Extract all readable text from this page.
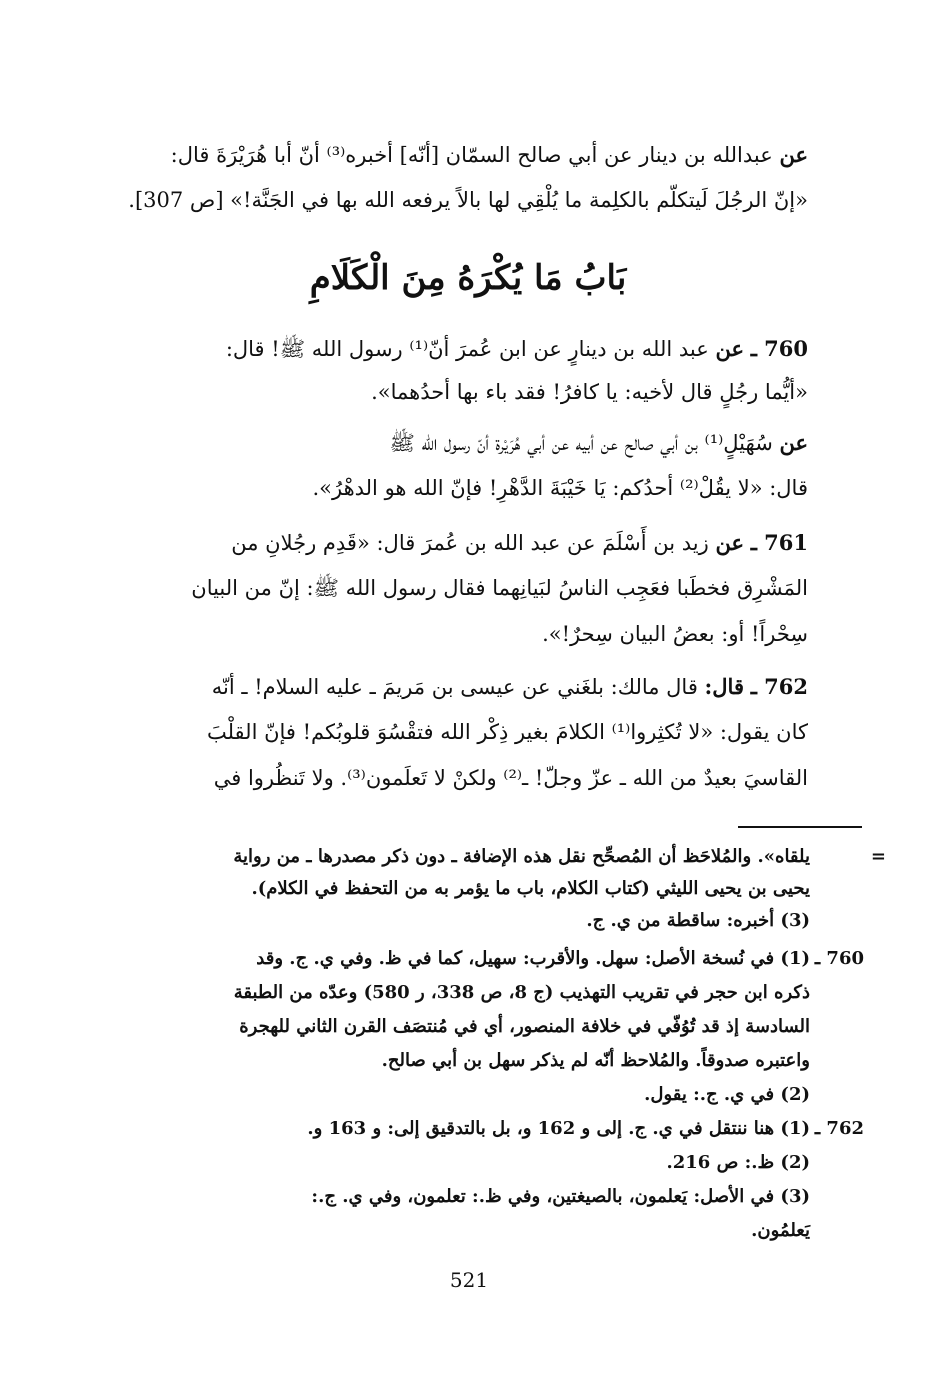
عن عبدالله بن دينار عن أبي صالح السمّان [أنّه] أخبره⁽³⁾ أنّ أبا هُرَيْرَةَ قال:
«إنّ الرجُلَ لَيتكلّم بالكلِمة ما يُلْقِي لها بالاً يرفعه الله بها في الجَنَّة!» [ص 307].
بَابُ مَا يُكْرَهُ مِنَ الْكَلَامِ
760 ـ عن عبد الله بن دينارٍ عن ابن عُمرَ أنّ⁽¹⁾ رسول الله ﷺ! قال:
«أيُّما رجُلٍ قال لأخيه: يا كافرُ! فقد باء بها أحدُهما».
عن سُهَيْلٍ⁽¹⁾ بن أبي صالح عن أبيه عن أبي هُرَيْرة أنّ رسول الله ﷺ
قال: «لا يقُلْ⁽²⁾ أحدُكم: يَا خَيْبَةَ الدَّهْرِ! فإنّ الله هو الدهْرُ».
761 ـ عن زيد بن أَسْلَمَ عن عبد الله بن عُمرَ قال: «قَدِم رجُلانِ من
المَشْرِق فخطَبا فعَجِب الناسُ لبَيانِهما فقال رسول الله ﷺ: إنّ من البيان
سِحْراً! أو: بعضُ البيان سِحرٌ!».
762 ـ قال: قال مالك: بلغَني عن عيسى بن مَريمَ ـ عليه السلام! ـ أنّه
كان يقول: «لا تُكثِروا⁽¹⁾ الكلامَ بغير ذِكْر الله فتقْسُوَ قلوبُكم! فإنّ القلْبَ
القاسيَ بعيدٌ من الله ـ عزّ وجلّ! ـ⁽²⁾ ولكنْ لا تَعلَمون⁽³⁾. ولا تَنظُروا في
=
يلقاه». والمُلاحَظ أن المُصحِّح نقل هذه الإضافة ـ دون ذكر مصدرها ـ من رواية
يحيى بن يحيى الليثي (كتاب الكلام، باب ما يؤمر به من التحفظ في الكلام).
(3) أخبره: ساقطة من ي. ج.
760 ـ
(1) في نُسخة الأصل: سهل. والأقرب: سهيل، كما في ظ. وفي ي. ج. وقد
ذكره ابن حجر في تقريب التهذيب (ج 8، ص 338، ر 580) وعدّه من الطبقة
السادسة إذ قد تُوُفّي في خلافة المنصور، أي في مُنتصَف القرن الثاني للهجرة
واعتبره صدوقاً. والمُلاحظ أنّه لم يذكر سهل بن أبي صالح.
(2) في ي. ج.: يقول.
762 ـ
(1) هنا ننتقل في ي. ج. إلى و 162 و، بل بالتدقيق إلى: و 163 و.
(2) ظ.: ص 216.
(3) في الأصل: يَعلمون، بالصيغتين، وفي ظ.: تعلمون، وفي ي. ج.:
يَعلمُون.
521
